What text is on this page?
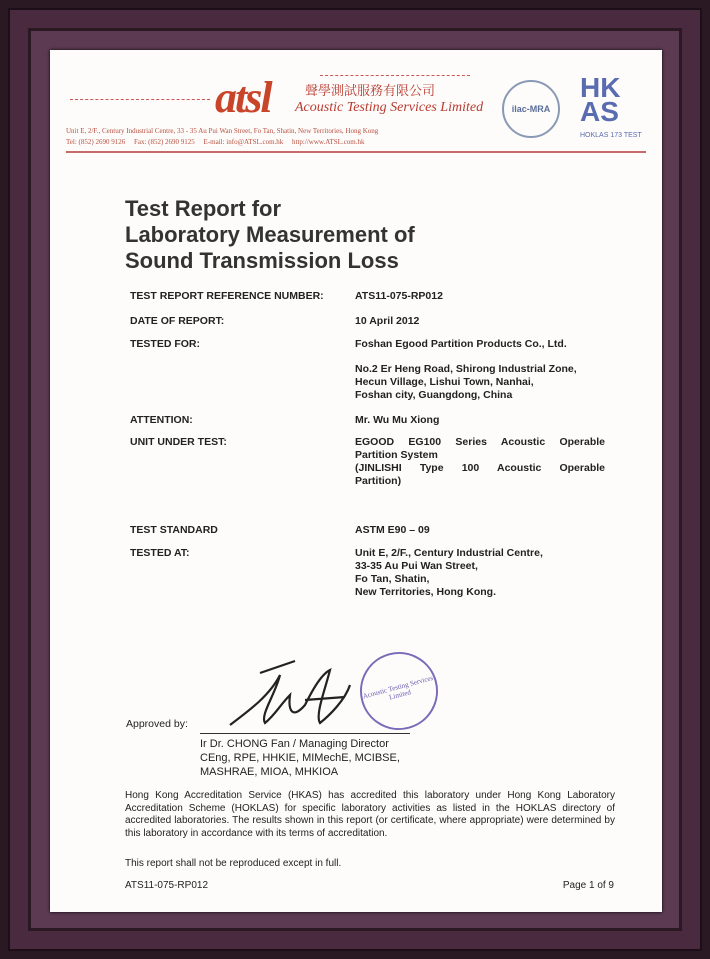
atsl	聲學測試服務有限公司
Acoustic Testing Services Limited
Unit E, 2/F., Century Industrial Centre, 33 - 35 Au Pui Wan Street, Fo Tan, Shatin, New Territories, Hong Kong
Tel: (852) 2690 9126     Fax: (852) 2690 9125     E-mail: info@ATSL.com.hk     http://www.ATSL.com.hk
ilac-MRA
HKAS
HOKLAS 173 TEST
Test Report for
Laboratory Measurement of
Sound Transmission Loss
TEST REPORT REFERENCE NUMBER:	ATS11-075-RP012
DATE OF REPORT:	10 April 2012
TESTED FOR:	Foshan Egood Partition Products Co., Ltd.
No.2 Er Heng Road, Shirong Industrial Zone,
Hecun Village, Lishui Town, Nanhai,
Foshan city, Guangdong, China
ATTENTION:	Mr. Wu Mu Xiong
UNIT UNDER TEST:	EGOOD EG100 Series Acoustic Operable
Partition System
(JINLISHI Type 100 Acoustic Operable
Partition)
TEST STANDARD	ASTM E90 – 09
TESTED AT:	Unit E, 2/F., Century Industrial Centre,
33-35 Au Pui Wan Street,
Fo Tan, Shatin,
New Territories, Hong Kong.
Acoustic Testing Services Limited
Approved by:
Ir Dr. CHONG Fan / Managing Director
CEng, RPE, HHKIE, MIMechE, MCIBSE,
MASHRAE, MIOA, MHKIOA
Hong Kong Accreditation Service (HKAS) has accredited this laboratory under Hong Kong Laboratory Accreditation Scheme (HOKLAS) for specific laboratory activities as listed in the HOKLAS directory of accredited laboratories. The results shown in this report (or certificate, where appropriate) were determined by this laboratory in accordance with its terms of accreditation.
This report shall not be reproduced except in full.
ATS11-075-RP012	Page 1 of 9
